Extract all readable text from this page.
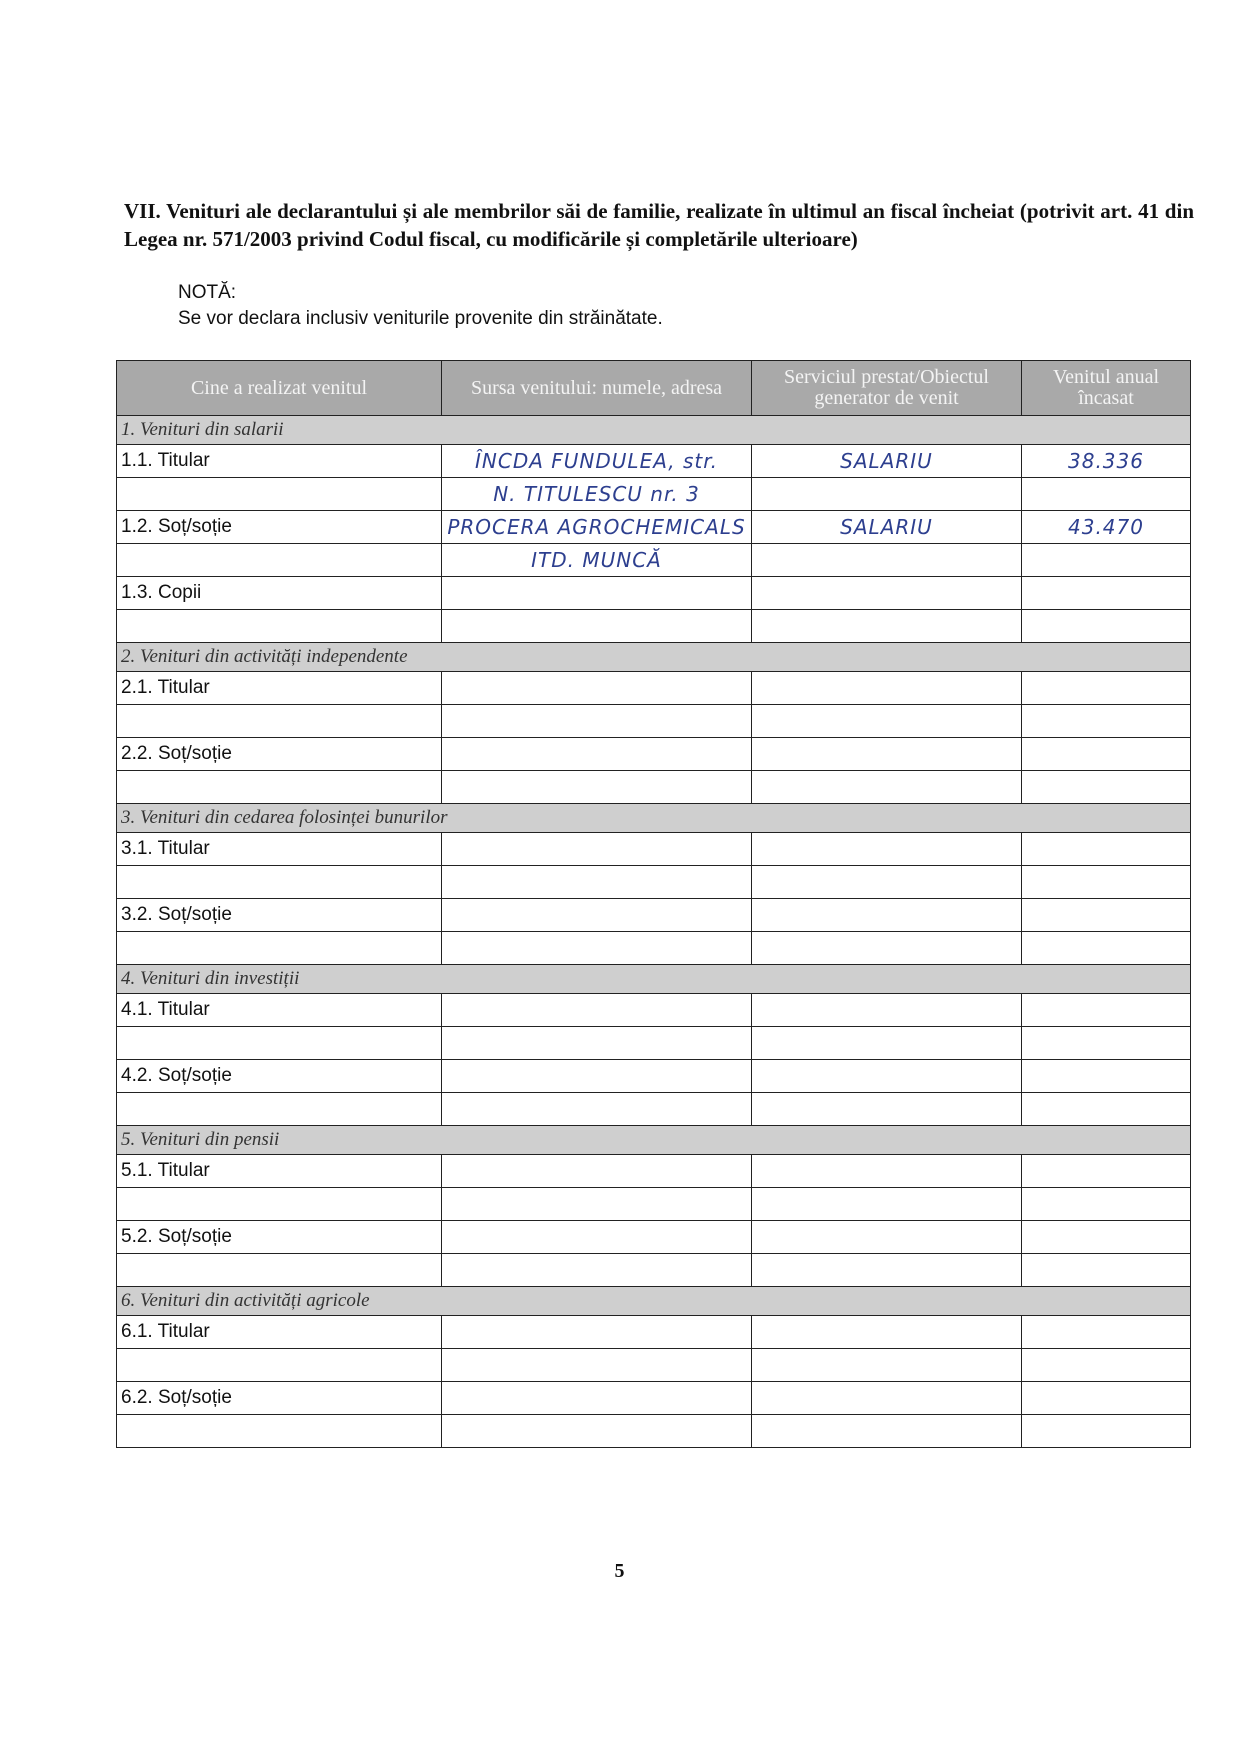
VII. Venituri ale declarantului și ale membrilor săi de familie, realizate în ultimul an fiscal încheiat (potrivit art. 41 din Legea nr. 571/2003 privind Codul fiscal, cu modificările și completările ulterioare)
NOTĂ:
Se vor declara inclusiv veniturile provenite din străinătate.
Cine a realizat venitul	Sursa venitului: numele, adresa	Serviciul prestat/Obiectul generator de venit	Venitul anual încasat
1. Venituri din salarii			
1.1. Titular	ÎNCDA FUNDULEA, str.	SALARIU	38.336
	N. TITULESCU nr. 3		
1.2. Soț/soție	PROCERA AGROCHEMICALS	SALARIU	43.470
	ITD. MUNCĂ		
1.3. Copii			

2. Venituri din activități independente			
2.1. Titular			

2.2. Soț/soție			

3. Venituri din cedarea folosinței bunurilor			
3.1. Titular			

3.2. Soț/soție			

4. Venituri din investiții			
4.1. Titular			

4.2. Soț/soție			

5. Venituri din pensii			
5.1. Titular			

5.2. Soț/soție			

6. Venituri din activități agricole			
6.1. Titular			

6.2. Soț/soție			

5
